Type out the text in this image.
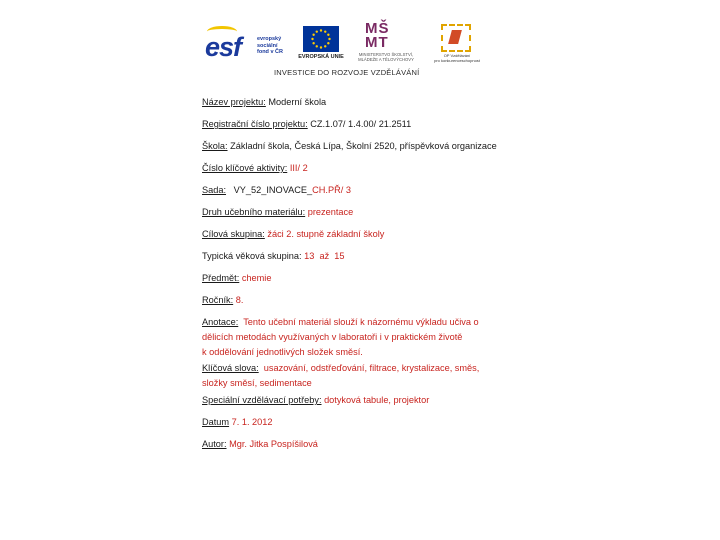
esf	evropský
sociální
fond v ČR
EVROPSKÁ UNIE
MŠ
MT
MINISTERSTVO ŠKOLSTVÍ,
MLÁDEŽE A TĚLOVÝCHOVY
OP Vzdělávání
pro konkurenceschopnost
INVESTICE DO ROZVOJE VZDĚLÁVÁNÍ
Název projektu: Moderní škola
Registrační číslo projektu: CZ.1.07/ 1.4.00/ 21.2511
Škola: Základní škola, Česká Lípa, Školní 2520, příspěvková organizace
Číslo klíčové aktivity: III/ 2
Sada:   VY_52_INOVACE_CH.PŘ/ 3
Druh učebního materiálu: prezentace
Cílová skupina: žáci 2. stupně základní školy
Typická věková skupina: 13  až  15
Předmět: chemie
Ročník: 8.
Anotace:  Tento učební materiál slouží k názornému výkladu učiva o
dělicích metodách využívaných v laboratoři i v praktickém životě
k oddělování jednotlivých složek směsí.
Klíčová slova:  usazování, odstřeďování, filtrace, krystalizace, směs,
složky směsí, sedimentace
Speciální vzdělávací potřeby: dotyková tabule, projektor
Datum 7. 1. 2012
Autor: Mgr. Jitka Pospíšilová
